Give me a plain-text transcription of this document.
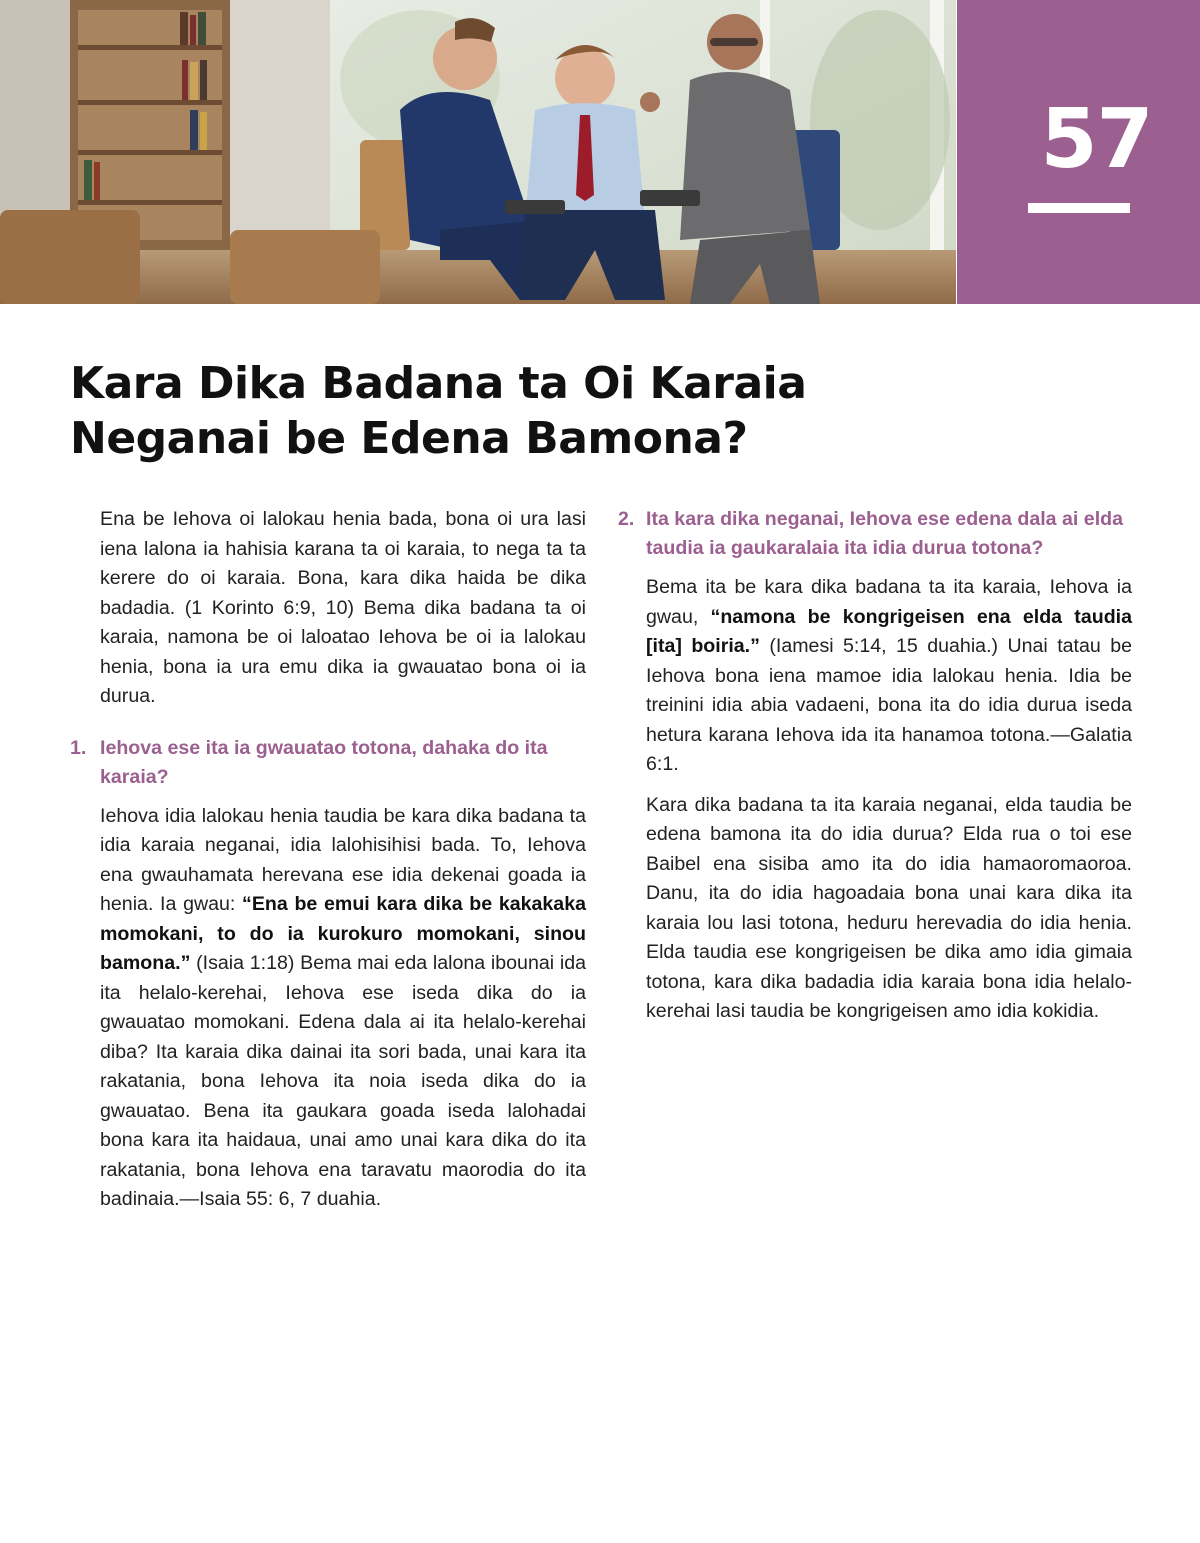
57
Kara Dika Badana ta Oi Karaia
Neganai be Edena Bamona?

Ena be Iehova oi lalokau henia bada, bona oi ura lasi iena lalona ia hahisia karana ta oi karaia, to nega ta ta kerere do oi karaia. Bona, kara dika haida be dika badadia. (1 Korinto 6:9, 10) Bema dika badana ta oi karaia, namona be oi laloatao Iehova be oi ia lalokau henia, bona ia ura emu dika ia gwauatao bona oi ia durua.

1. Iehova ese ita ia gwauatao totona, dahaka do ita karaia?

Iehova idia lalokau henia taudia be kara dika badana ta idia karaia neganai, idia lalohisihisi bada. To, Iehova ena gwauhamata herevana ese idia dekenai goada ia henia. Ia gwau: “Ena be emui kara dika be kakakaka momokani, to do ia kurokuro momokani, sinou bamona.” (Isaia 1:18) Bema mai eda lalona ibounai ida ita helalo-kerehai, Iehova ese iseda dika do ia gwauatao momokani. Edena dala ai ita helalo-kerehai diba? Ita karaia dika dainai ita sori bada, unai kara ita rakatania, bona Iehova ita noia iseda dika do ia gwauatao. Bena ita gaukara goada iseda lalohadai bona kara ita haidaua, unai amo unai kara dika do ita rakatania, bona Iehova ena taravatu maorodia do ita badinaia.—Isaia 55: 6, 7 duahia.

2. Ita kara dika neganai, Iehova ese edena dala ai elda taudia ia gaukaralaia ita idia durua totona?

Bema ita be kara dika badana ta ita karaia, Iehova ia gwau, “namona be kongrigeisen ena elda taudia [ita] boiria.” (Iamesi 5:14, 15 duahia.) Unai tatau be Iehova bona iena mamoe idia lalokau henia. Idia be treinini idia abia vadaeni, bona ita do idia durua iseda hetura karana Iehova ida ita hanamoa totona.—Galatia 6:1.

Kara dika badana ta ita karaia neganai, elda taudia be edena bamona ita do idia durua? Elda rua o toi ese Baibel ena sisiba amo ita do idia hamaoromaoroa. Danu, ita do idia hagoadaia bona unai kara dika ita karaia lou lasi totona, heduru herevadia do idia henia. Elda taudia ese kongrigeisen be dika amo idia gimaia totona, kara dika badadia idia karaia bona idia helalo-kerehai lasi taudia be kongrigeisen amo idia kokidia.
